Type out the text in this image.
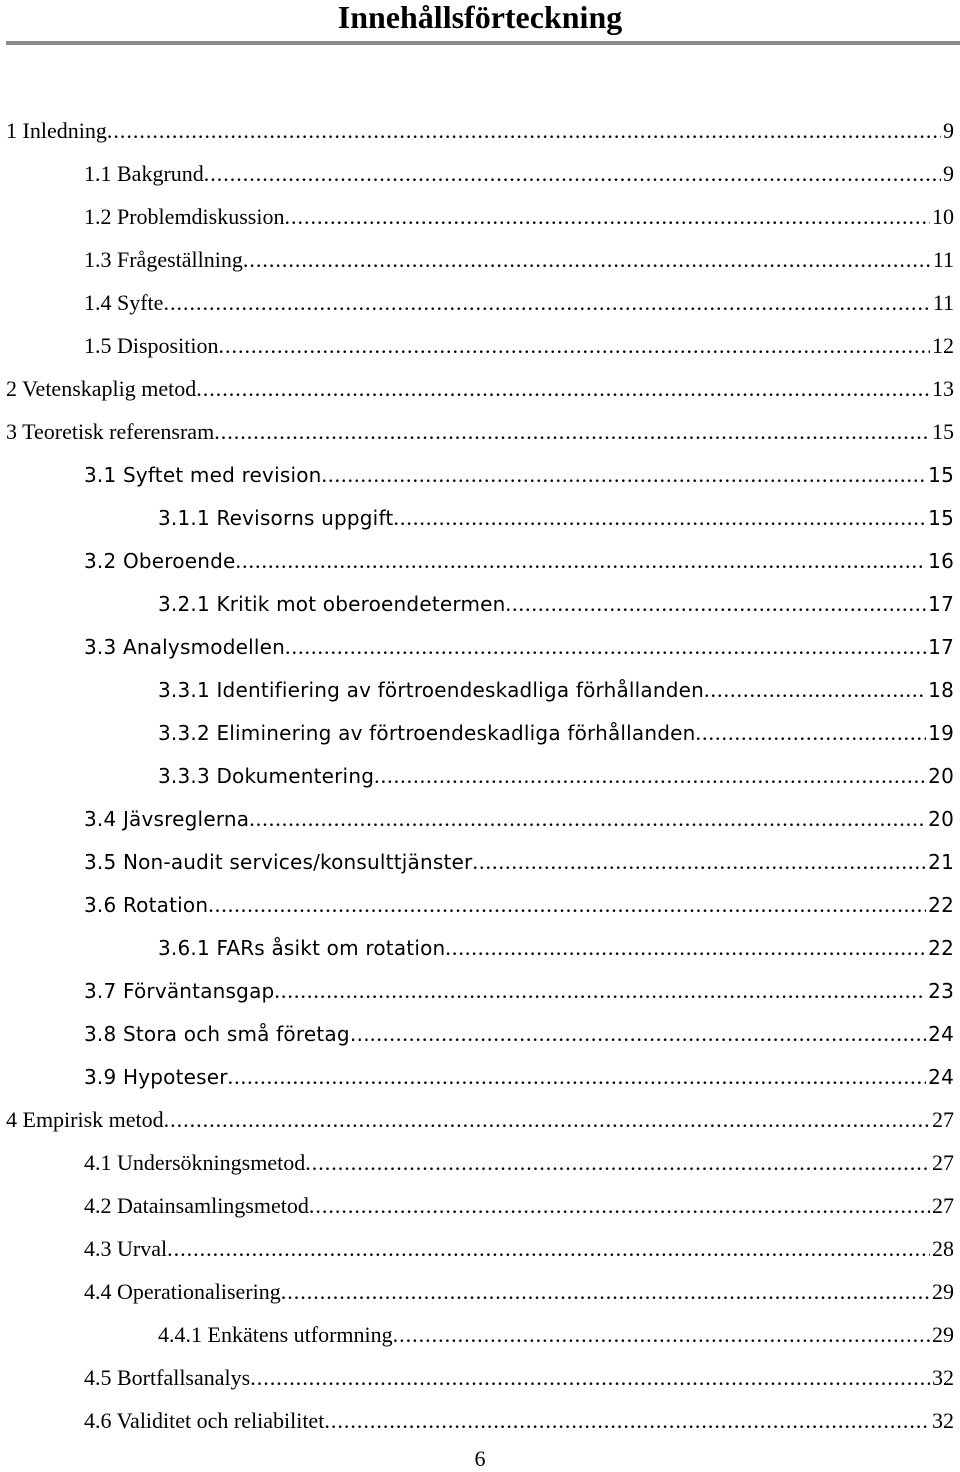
Innehållsförteckning
1 Inledning .....	9
1.1 Bakgrund .....	9
1.2 Problemdiskussion .....	10
1.3 Frågeställning .....	11
1.4 Syfte .....	11
1.5 Disposition .....	12
2 Vetenskaplig metod .....	13
3 Teoretisk referensram .....	15
3.1 Syftet med revision .....	15
3.1.1 Revisorns uppgift .....	15
3.2 Oberoende .....	16
3.2.1 Kritik mot oberoendetermen .....	17
3.3 Analysmodellen .....	17
3.3.1 Identifiering av förtroendeskadliga förhållanden .....	18
3.3.2 Eliminering av förtroendeskadliga förhållanden .....	19
3.3.3 Dokumentering .....	20
3.4 Jävsreglerna .....	20
3.5 Non-audit services/konsulttjänster .....	21
3.6 Rotation .....	22
3.6.1 FARs åsikt om rotation .....	22
3.7 Förväntansgap .....	23
3.8 Stora och små företag… .....	24
3.9 Hypoteser .....	24
4 Empirisk metod .....	27
4.1 Undersökningsmetod .....	27
4.2 Datainsamlingsmetod .....	27
4.3 Urval .....	28
4.4 Operationalisering .....	29
4.4.1 Enkätens utformning .....	29
4.5 Bortfallsanalys .....	32
4.6 Validitet och reliabilitet .....	32
6
